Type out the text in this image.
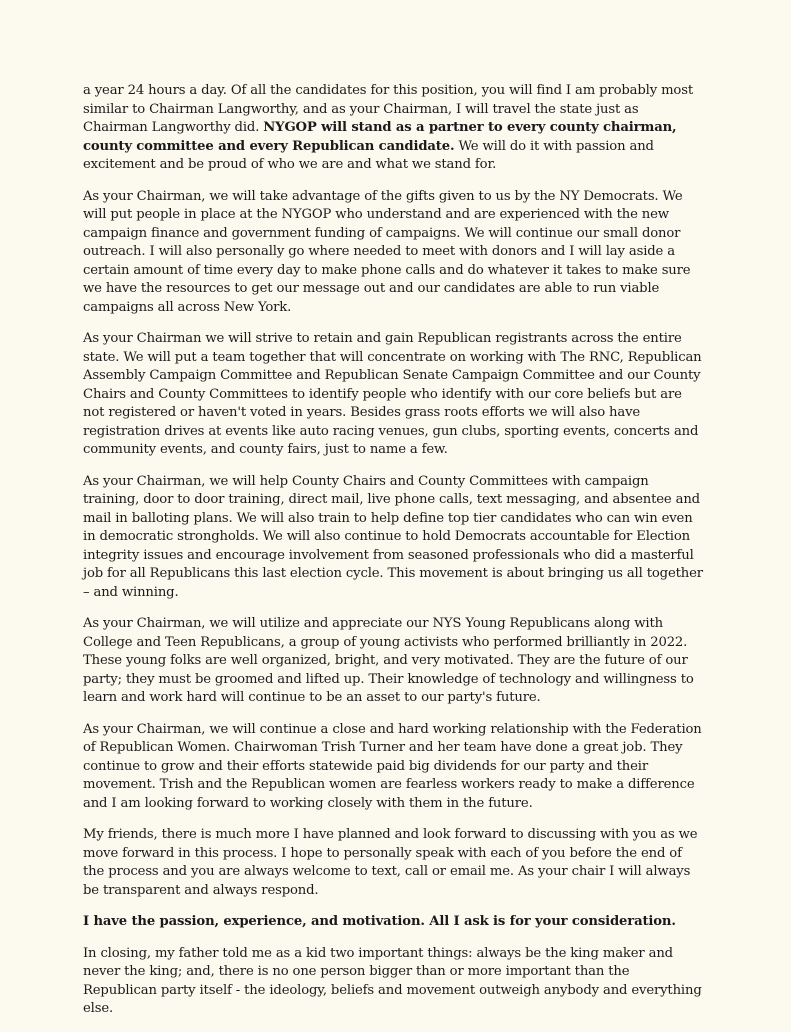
a year 24 hours a day. Of all the candidates for this position, you will find I am probably most similar to Chairman Langworthy, and as your Chairman, I will travel the state just as Chairman Langworthy did. NYGOP will stand as a partner to every county chairman, county committee and every Republican candidate. We will do it with passion and excitement and be proud of who we are and what we stand for.

As your Chairman, we will take advantage of the gifts given to us by the NY Democrats. We will put people in place at the NYGOP who understand and are experienced with the new campaign finance and government funding of campaigns. We will continue our small donor outreach. I will also personally go where needed to meet with donors and I will lay aside a certain amount of time every day to make phone calls and do whatever it takes to make sure we have the resources to get our message out and our candidates are able to run viable campaigns all across New York.

As your Chairman we will strive to retain and gain Republican registrants across the entire state. We will put a team together that will concentrate on working with The RNC, Republican Assembly Campaign Committee and Republican Senate Campaign Committee and our County Chairs and County Committees to identify people who identify with our core beliefs but are not registered or haven't voted in years. Besides grass roots efforts we will also have registration drives at events like auto racing venues, gun clubs, sporting events, concerts and community events, and county fairs, just to name a few.

As your Chairman, we will help County Chairs and County Committees with campaign training, door to door training, direct mail, live phone calls, text messaging, and absentee and mail in balloting plans. We will also train to help define top tier candidates who can win even in democratic strongholds. We will also continue to hold Democrats accountable for Election integrity issues and encourage involvement from seasoned professionals who did a masterful job for all Republicans this last election cycle. This movement is about bringing us all together – and winning.

As your Chairman, we will utilize and appreciate our NYS Young Republicans along with College and Teen Republicans, a group of young activists who performed brilliantly in 2022. These young folks are well organized, bright, and very motivated. They are the future of our party; they must be groomed and lifted up. Their knowledge of technology and willingness to learn and work hard will continue to be an asset to our party's future.

As your Chairman, we will continue a close and hard working relationship with the Federation of Republican Women. Chairwoman Trish Turner and her team have done a great job. They continue to grow and their efforts statewide paid big dividends for our party and their movement. Trish and the Republican women are fearless workers ready to make a difference and I am looking forward to working closely with them in the future.

My friends, there is much more I have planned and look forward to discussing with you as we move forward in this process. I hope to personally speak with each of you before the end of the process and you are always welcome to text, call or email me. As your chair I will always be transparent and always respond.

I have the passion, experience, and motivation. All I ask is for your consideration.

In closing, my father told me as a kid two important things: always be the king maker and never the king; and, there is no one person bigger than or more important than the Republican party itself - the ideology, beliefs and movement outweigh anybody and everything else.
